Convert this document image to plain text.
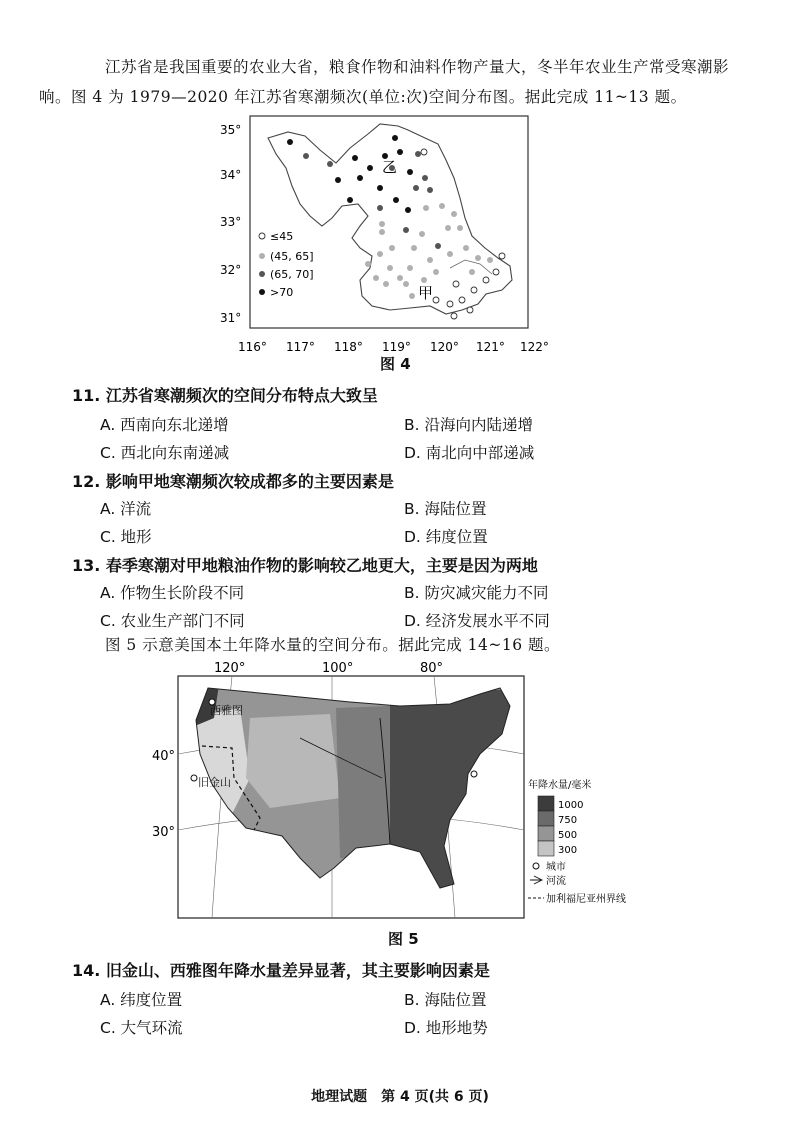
江苏省是我国重要的农业大省，粮食作物和油料作物产量大，冬半年农业生产常受寒潮影
响。图 4 为 1979—2020 年江苏省寒潮频次(单位:次)空间分布图。据此完成 11~13 题。
35°
34°
33°
32°
31°
116° 117° 118° 119° 120° 121° 122°
乙
甲
≤45
(45, 65]
(65, 70]
>70
图 4
11. 江苏省寒潮频次的空间分布特点大致呈
A. 西南向东北递增	B. 沿海向内陆递增
C. 西北向东南递减	D. 南北向中部递减
12. 影响甲地寒潮频次较成都多的主要因素是
A. 洋流	B. 海陆位置
C. 地形	D. 纬度位置
13. 春季寒潮对甲地粮油作物的影响较乙地更大，主要是因为两地
A. 作物生长阶段不同	B. 防灾减灾能力不同
C. 农业生产部门不同	D. 经济发展水平不同
图 5 示意美国本土年降水量的空间分布。据此完成 14~16 题。
120°	100°	80°
40°
30°
西雅图
旧金山	华盛顿
年降水量/毫米
1000
750
500
300
城市
河流
加利福尼亚州界线
图 5
14. 旧金山、西雅图年降水量差异显著，其主要影响因素是
A. 纬度位置	B. 海陆位置
C. 大气环流	D. 地形地势
地理试题　第 4 页(共 6 页)
